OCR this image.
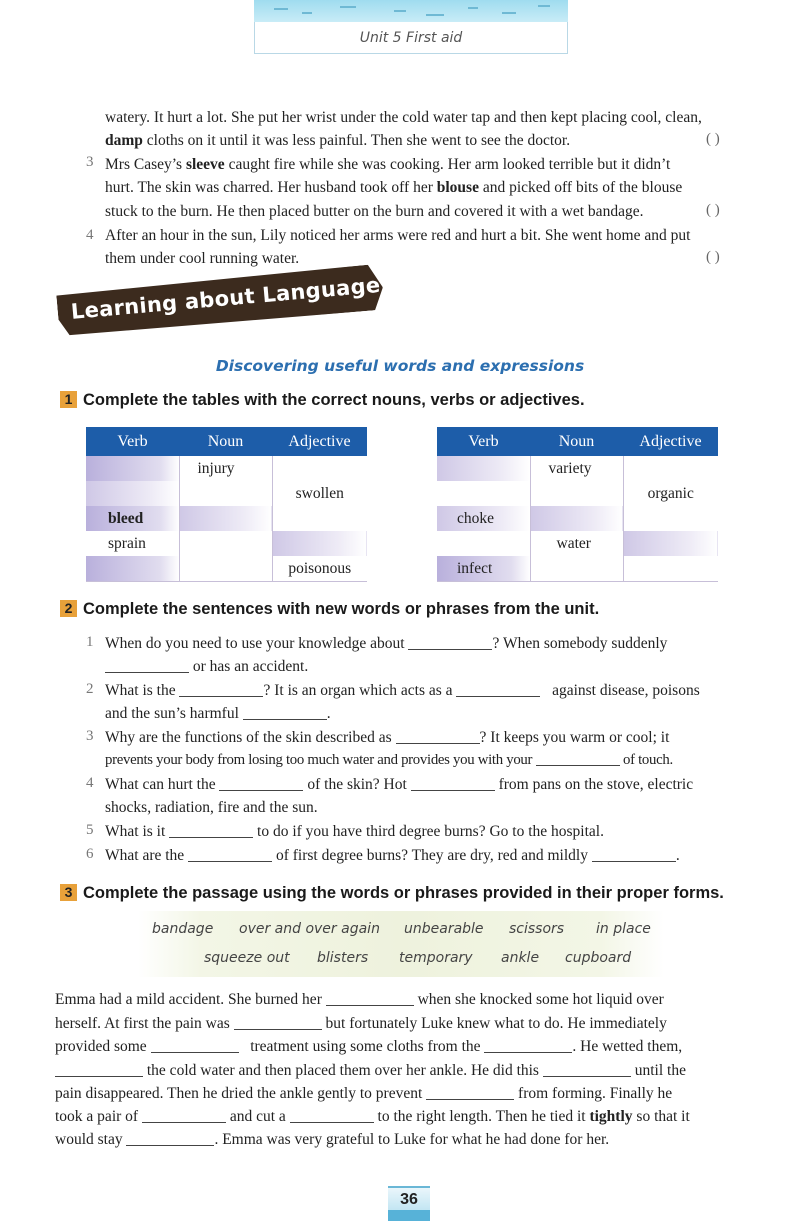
Unit 5 First aid
watery. It hurt a lot. She put her wrist under the cold water tap and then kept placing cool, clean,
damp cloths on it until it was less painful. Then she went to see the doctor.	( )
3 Mrs Casey’s sleeve caught fire while she was cooking. Her arm looked terrible but it didn’t
hurt. The skin was charred. Her husband took off her blouse and picked off bits of the blouse
stuck to the burn. He then placed butter on the burn and covered it with a wet bandage.	( )
4 After an hour in the sun, Lily noticed her arms were red and hurt a bit. She went home and put
them under cool running water.	( )
Learning about Language
Discovering useful words and expressions
1 Complete the tables with the correct nouns, verbs or adjectives.
Verb	Noun	Adjective
	injury	
		swollen
bleed		
sprain		
		poisonous
Verb	Noun	Adjective
	variety	
		organic
choke		
	water	
infect		
2 Complete the sentences with new words or phrases from the unit.
1 When do you need to use your knowledge about	? When somebody suddenly
or has an accident.
2 What is the	? It is an organ which acts as a	against disease, poisons
and the sun’s harmful	.
3 Why are the functions of the skin described as	? It keeps you warm or cool; it
prevents your body from losing too much water and provides you with your	of touch.
4 What can hurt the	of the skin? Hot	from pans on the stove, electric
shocks, radiation, fire and the sun.
5 What is it	to do if you have third degree burns? Go to the hospital.
6 What are the	of first degree burns? They are dry, red and mildly	.
3 Complete the passage using the words or phrases provided in their proper forms.
bandage over and over again unbearable scissors in place
squeeze out blisters temporary ankle cupboard
Emma had a mild accident. She burned her	when she knocked some hot liquid over
herself. At first the pain was	but fortunately Luke knew what to do. He immediately
provided some	treatment using some cloths from the	. He wetted them,
the cold water and then placed them over her ankle. He did this	until the
pain disappeared. Then he dried the ankle gently to prevent	from forming. Finally he
took a pair of	and cut a	to the right length. Then he tied it tightly so that it
would stay	. Emma was very grateful to Luke for what he had done for her.
36
